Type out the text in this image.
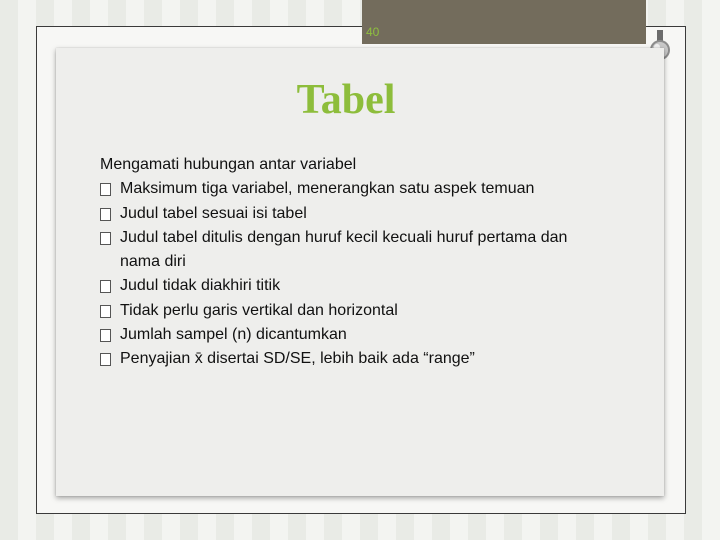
40
Tabel

Mengamati hubungan antar variabel

Maksimum tiga variabel, menerangkan satu aspek temuan
Judul tabel sesuai isi tabel
Judul tabel ditulis dengan huruf kecil kecuali huruf pertama dan nama diri
Judul tidak diakhiri titik
Tidak perlu garis vertikal dan horizontal
Jumlah sampel (n) dicantumkan
Penyajian x̄ disertai SD/SE, lebih baik ada “range”
